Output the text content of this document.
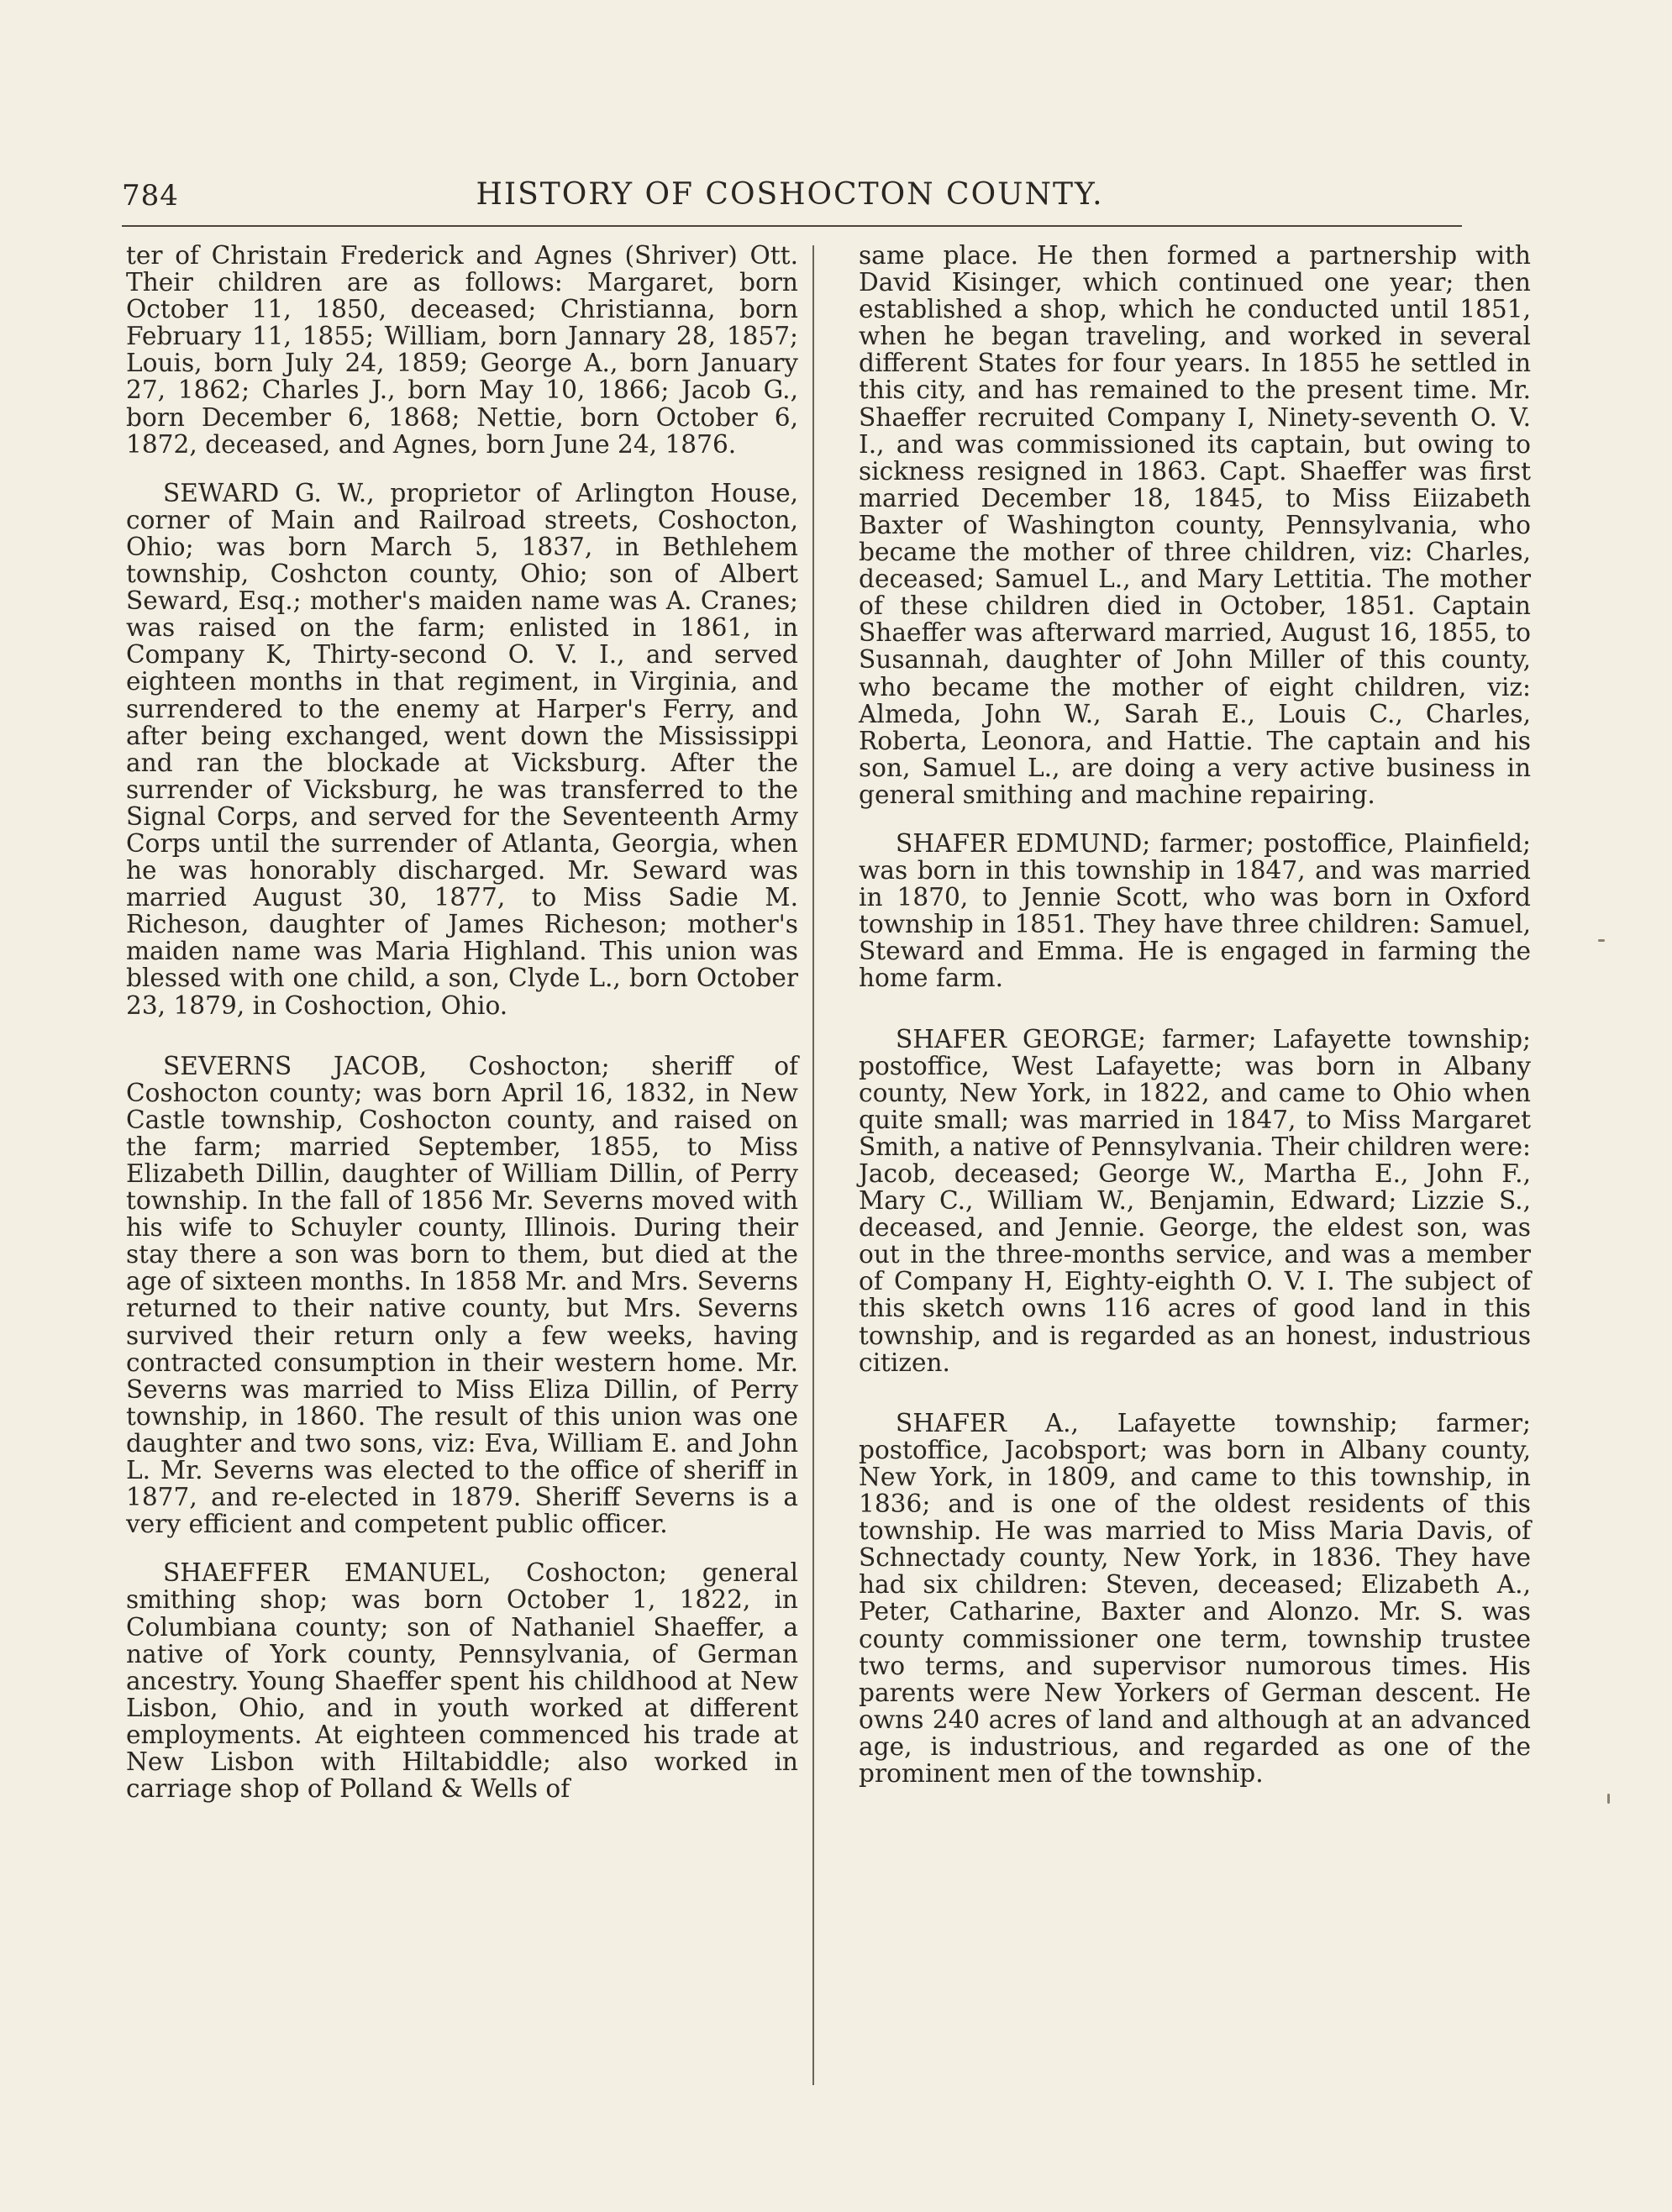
784	HISTORY OF COSHOCTON COUNTY.

ter of Christain Frederick and Agnes (Shriver) Ott. Their children are as follows: Margaret, born October 11, 1850, deceased; Christianna, born February 11, 1855; William, born Jannary 28, 1857; Louis, born July 24, 1859; George A., born January 27, 1862; Charles J., born May 10, 1866; Jacob G., born December 6, 1868; Nettie, born October 6, 1872, deceased, and Agnes, born June 24, 1876.

SEWARD G. W., proprietor of Arlington House, corner of Main and Railroad streets, Coshocton, Ohio; was born March 5, 1837, in Bethlehem township, Coshcton county, Ohio; son of Albert Seward, Esq.; mother's maiden name was A. Cranes; was raised on the farm; enlisted in 1861, in Company K, Thirty-second O. V. I., and served eighteen months in that regiment, in Virginia, and surrendered to the enemy at Harper's Ferry, and after being exchanged, went down the Mississippi and ran the blockade at Vicksburg. After the surrender of Vicksburg, he was transferred to the Signal Corps, and served for the Seventeenth Army Corps until the surrender of Atlanta, Georgia, when he was honorably discharged. Mr. Seward was married August 30, 1877, to Miss Sadie M. Richeson, daughter of James Richeson; mother's maiden name was Maria Highland. This union was blessed with one child, a son, Clyde L., born October 23, 1879, in Coshoction, Ohio.

SEVERNS JACOB, Coshocton; sheriff of Coshocton county; was born April 16, 1832, in New Castle township, Coshocton county, and raised on the farm; married September, 1855, to Miss Elizabeth Dillin, daughter of William Dillin, of Perry township. In the fall of 1856 Mr. Severns moved with his wife to Schuyler county, Illinois. During their stay there a son was born to them, but died at the age of sixteen months. In 1858 Mr. and Mrs. Severns returned to their native county, but Mrs. Severns survived their return only a few weeks, having contracted consumption in their western home. Mr. Severns was married to Miss Eliza Dillin, of Perry township, in 1860. The result of this union was one daughter and two sons, viz: Eva, William E. and John L. Mr. Severns was elected to the office of sheriff in 1877, and re-elected in 1879. Sheriff Severns is a very efficient and competent public officer.

SHAEFFER EMANUEL, Coshocton; general smithing shop; was born October 1, 1822, in Columbiana county; son of Nathaniel Shaeffer, a native of York county, Pennsylvania, of German ancestry. Young Shaeffer spent his childhood at New Lisbon, Ohio, and in youth worked at different employments. At eighteen commenced his trade at New Lisbon with Hiltabiddle; also worked in carriage shop of Polland & Wells of

same place. He then formed a partnership with David Kisinger, which continued one year; then established a shop, which he conducted until 1851, when he began traveling, and worked in several different States for four years. In 1855 he settled in this city, and has remained to the present time. Mr. Shaeffer recruited Company I, Ninety-seventh O. V. I., and was commissioned its captain, but owing to sickness resigned in 1863. Capt. Shaeffer was first married December 18, 1845, to Miss Eiizabeth Baxter of Washington county, Pennsylvania, who became the mother of three children, viz: Charles, deceased; Samuel L., and Mary Lettitia. The mother of these children died in October, 1851. Captain Shaeffer was afterward married, August 16, 1855, to Susannah, daughter of John Miller of this county, who became the mother of eight children, viz: Almeda, John W., Sarah E., Louis C., Charles, Roberta, Leonora, and Hattie. The captain and his son, Samuel L., are doing a very active business in general smithing and machine repairing.

SHAFER EDMUND; farmer; postoffice, Plainfield; was born in this township in 1847, and was married in 1870, to Jennie Scott, who was born in Oxford township in 1851. They have three children: Samuel, Steward and Emma. He is engaged in farming the home farm.

SHAFER GEORGE; farmer; Lafayette township; postoffice, West Lafayette; was born in Albany county, New York, in 1822, and came to Ohio when quite small; was married in 1847, to Miss Margaret Smith, a native of Pennsylvania. Their children were: Jacob, deceased; George W., Martha E., John F., Mary C., William W., Benjamin, Edward; Lizzie S., deceased, and Jennie. George, the eldest son, was out in the three-months service, and was a member of Company H, Eighty-eighth O. V. I. The subject of this sketch owns 116 acres of good land in this township, and is regarded as an honest, industrious citizen.

SHAFER A., Lafayette township; farmer; postoffice, Jacobsport; was born in Albany county, New York, in 1809, and came to this township, in 1836; and is one of the oldest residents of this township. He was married to Miss Maria Davis, of Schnectady county, New York, in 1836. They have had six children: Steven, deceased; Elizabeth A., Peter, Catharine, Baxter and Alonzo. Mr. S. was county commissioner one term, township trustee two terms, and supervisor numorous times. His parents were New Yorkers of German descent. He owns 240 acres of land and although at an advanced age, is industrious, and regarded as one of the prominent men of the township.
